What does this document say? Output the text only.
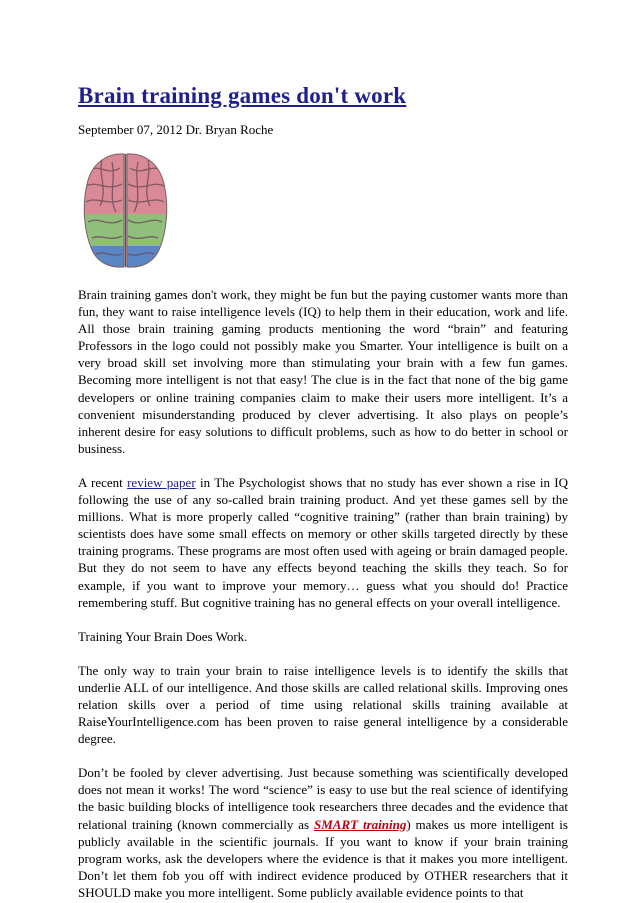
Brain training games don't work
September 07, 2012 Dr. Bryan Roche

Brain training games don't work, they might be fun but the paying customer wants more than fun, they want to raise intelligence levels (IQ) to help them in their education, work and life. All those brain training gaming products mentioning the word “brain” and featuring Professors in the logo could not possibly make you Smarter. Your intelligence is built on a very broad skill set involving more than stimulating your brain with a few fun games. Becoming more intelligent is not that easy! The clue is in the fact that none of the big game developers or online training companies claim to make their users more intelligent. It’s a convenient misunderstanding produced by clever advertising. It also plays on people’s inherent desire for easy solutions to difficult problems, such as how to do better in school or business.

A recent review paper in The Psychologist shows that no study has ever shown a rise in IQ following the use of any so-called brain training product. And yet these games sell by the millions. What is more properly called “cognitive training” (rather than brain training) by scientists does have some small effects on memory or other skills targeted directly by these training programs. These programs are most often used with ageing or brain damaged people. But they do not seem to have any effects beyond teaching the skills they teach. So for example, if you want to improve your memory… guess what you should do! Practice remembering stuff. But cognitive training has no general effects on your overall intelligence.

Training Your Brain Does Work.

The only way to train your brain to raise intelligence levels is to identify the skills that underlie ALL of our intelligence. And those skills are called relational skills. Improving ones relation skills over a period of time using relational skills training available at RaiseYourIntelligence.com has been proven to raise general intelligence by a considerable degree.

Don’t be fooled by clever advertising. Just because something was scientifically developed does not mean it works! The word “science” is easy to use but the real science of identifying the basic building blocks of intelligence took researchers three decades and the evidence that relational training (known commercially as SMART training) makes us more intelligent is publicly available in the scientific journals. If you want to know if your brain training program works, ask the developers where the evidence is that it makes you more intelligent. Don’t let them fob you off with indirect evidence produced by OTHER researchers that it SHOULD make you more intelligent. Some publicly available evidence points to that
